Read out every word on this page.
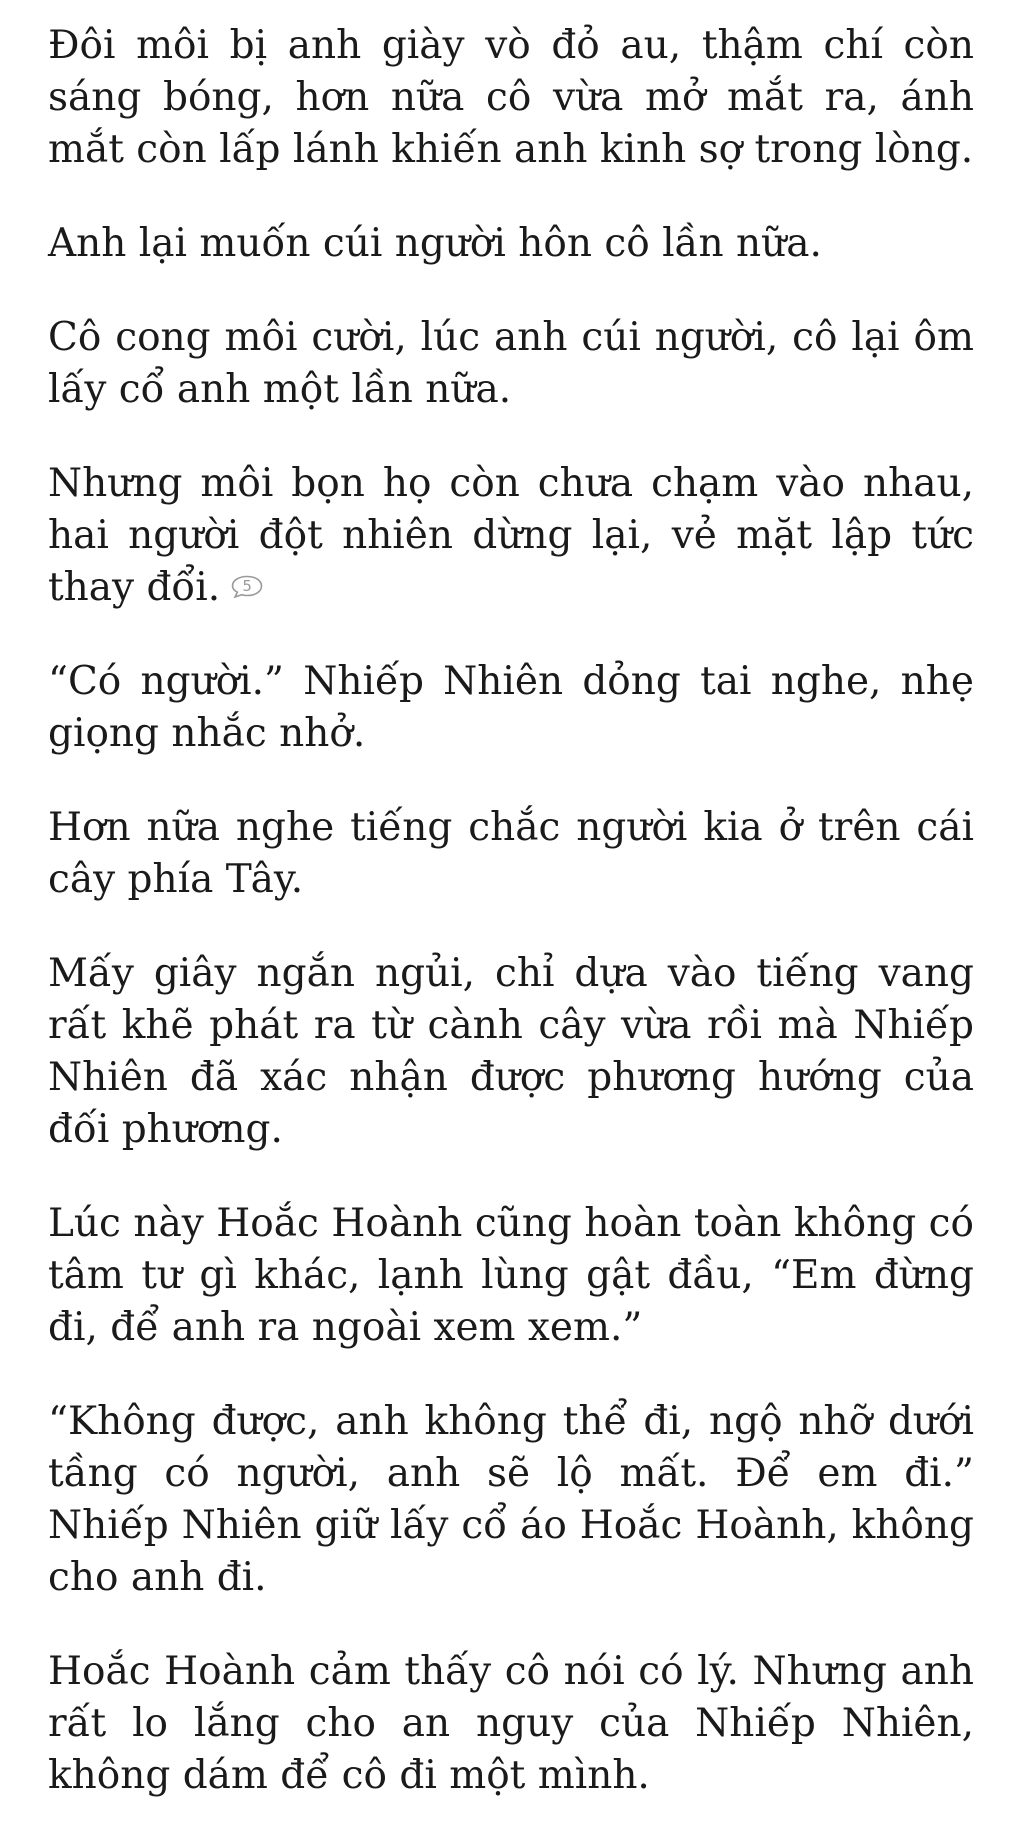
Đôi môi bị anh giày vò đỏ au, thậm chí còn sáng bóng, hơn nữa cô vừa mở mắt ra, ánh mắt còn lấp lánh khiến anh kinh sợ trong lòng.

Anh lại muốn cúi người hôn cô lần nữa.

Cô cong môi cười, lúc anh cúi người, cô lại ôm lấy cổ anh một lần nữa.

Nhưng môi bọn họ còn chưa chạm vào nhau, hai người đột nhiên dừng lại, vẻ mặt lập tức thay đổi.	5

“Có người.” Nhiếp Nhiên dỏng tai nghe, nhẹ giọng nhắc nhở.

Hơn nữa nghe tiếng chắc người kia ở trên cái cây phía Tây.

Mấy giây ngắn ngủi, chỉ dựa vào tiếng vang rất khẽ phát ra từ cành cây vừa rồi mà Nhiếp Nhiên đã xác nhận được phương hướng của đối phương.

Lúc này Hoắc Hoành cũng hoàn toàn không có tâm tư gì khác, lạnh lùng gật đầu, “Em đừng đi, để anh ra ngoài xem xem.”

“Không được, anh không thể đi, ngộ nhỡ dưới tầng có người, anh sẽ lộ mất. Để em đi.” Nhiếp Nhiên giữ lấy cổ áo Hoắc Hoành, không cho anh đi.

Hoắc Hoành cảm thấy cô nói có lý. Nhưng anh rất lo lắng cho an nguy của Nhiếp Nhiên, không dám để cô đi một mình.
